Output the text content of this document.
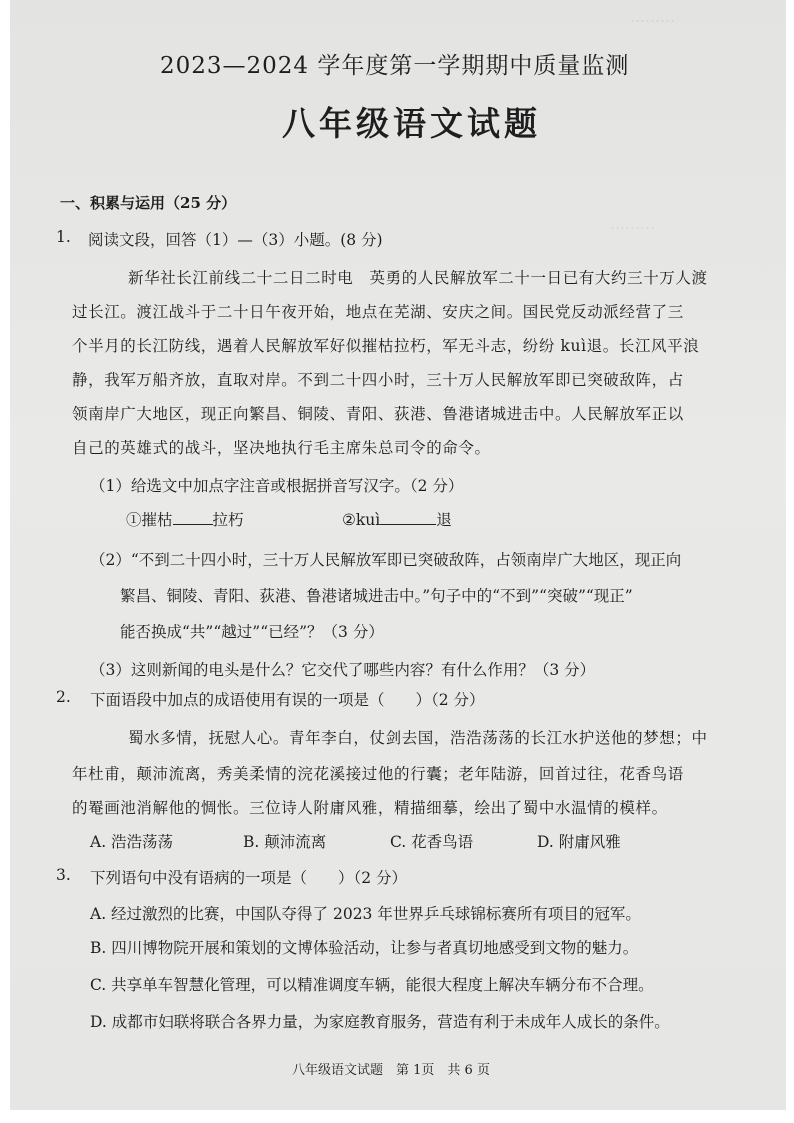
………
………
2023—2024 学年度第一学期期中质量监测
八年级语文试题
一、积累与运用（25 分）
1. 阅读文段，回答（1）—（3）小题。(8 分)
新华社长江前线二十二日二时电　英勇的人民解放军二十一日已有大约三十万人渡
过长江。渡江战斗于二十日午夜开始，地点在芜湖、安庆之间。国民党反动派经营了三
个半月的长江防线，遇着人民解放军好似摧枯拉朽，军无斗志，纷纷 kuì退。长江风平浪
静，我军万船齐放，直取对岸。不到二十四小时，三十万人民解放军即已突破敌阵，占
领南岸广大地区，现正向繁昌、铜陵、青阳、荻港、鲁港诸城进击中。人民解放军正以
自己的英雄式的战斗，坚决地执行毛主席朱总司令的命令。
（1）给选文中加点字注音或根据拼音写汉字。（2 分）
①摧枯	拉朽	②kuì	退
（2）“不到二十四小时，三十万人民解放军即已突破敌阵，占领南岸广大地区，现正向
繁昌、铜陵、青阳、荻港、鲁港诸城进击中。”句子中的“不到”“突破”“现正”
能否换成“共”“越过”“已经”？（3 分）
（3）这则新闻的电头是什么？它交代了哪些内容？有什么作用？（3 分）
2. 下面语段中加点的成语使用有误的一项是（　　）（2 分）
蜀水多情，抚慰人心。青年李白，仗剑去国，浩浩荡荡的长江水护送他的梦想；中
年杜甫，颠沛流离，秀美柔情的浣花溪接过他的行囊；老年陆游，回首过往，花香鸟语
的罨画池消解他的惆怅。三位诗人附庸风雅，精描细摹，绘出了蜀中水温情的模样。
A. 浩浩荡荡	B. 颠沛流离	C. 花香鸟语	D. 附庸风雅
3. 下列语句中没有语病的一项是（　　）（2 分）
A. 经过激烈的比赛，中国队夺得了 2023 年世界乒乓球锦标赛所有项目的冠军。
B. 四川博物院开展和策划的文博体验活动，让参与者真切地感受到文物的魅力。
C. 共享单车智慧化管理，可以精准调度车辆，能很大程度上解决车辆分布不合理。
D. 成都市妇联将联合各界力量，为家庭教育服务，营造有利于未成年人成长的条件。
八年级语文试题　第 1页　共 6 页
